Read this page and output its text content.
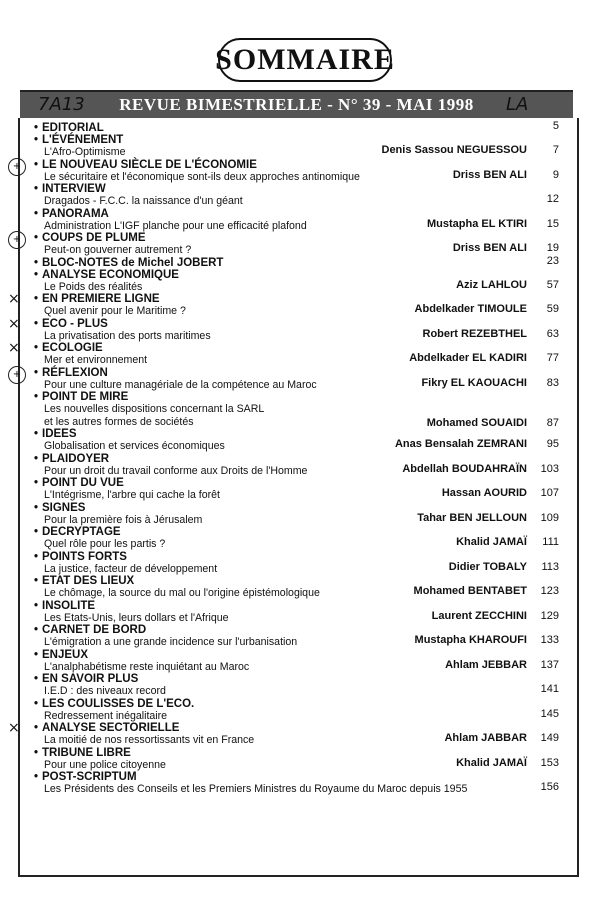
SOMMAIRE
REVUE BIMESTRIELLE - N° 39 - MAI 1998
7A13	LA
• EDITORIAL	5
• L'ÉVÉNEMENT
L'Afro-Optimisme	Denis Sassou NEGUESSOU 7
• LE NOUVEAU SIÈCLE DE L'ÉCONOMIE
+
Le sécuritaire et l'économique sont-ils deux approches antinomique	Driss BEN ALI 9
• INTERVIEW
Dragados - F.C.C. la naissance d'un géant	12
• PANORAMA
Administration L'IGF planche pour une efficacité plafond	Mustapha EL KTIRI 15
• COUPS DE PLUME
+
Peut-on gouverner autrement ?	Driss BEN ALI 19
• BLOC-NOTES de Michel JOBERT	23
• ANALYSE ECONOMIQUE
Le Poids des réalités	Aziz LAHLOU 57
• EN PREMIERE LIGNE
×
Quel avenir pour le Maritime ?	Abdelkader TIMOULE 59
• ECO - PLUS
×
La privatisation des ports maritimes	Robert REZEBTHEL 63
• ECOLOGIE
×
Mer et environnement	Abdelkader EL KADIRI 77
• RÉFLEXION
+
Pour une culture managériale de la compétence au Maroc	Fikry EL KAOUACHI 83
• POINT DE MIRE
Les nouvelles dispositions concernant la SARL
et les autres formes de sociétés	Mohamed SOUAIDI 87
• IDEES
Globalisation et services économiques	Anas Bensalah ZEMRANI 95
• PLAIDOYER
Pour un droit du travail conforme aux Droits de l'Homme	Abdellah BOUDAHRAÏN 103
• POINT DU VUE
L'Intégrisme, l'arbre qui cache la forêt	Hassan AOURID 107
• SIGNES
Pour la première fois à Jérusalem	Tahar BEN JELLOUN 109
• DECRYPTAGE
Quel rôle pour les partis ?	Khalid JAMAÏ 111
• POINTS FORTS
La justice, facteur de développement	Didier TOBALY 113
• ETAT DES LIEUX
Le chômage, la source du mal ou l'origine épistémologique	Mohamed BENTABET 123
• INSOLITE
Les Etats-Unis, leurs dollars et l'Afrique	Laurent ZECCHINI 129
• CARNET DE BORD
L'émigration a une grande incidence sur l'urbanisation	Mustapha KHAROUFI 133
• ENJEUX
L'analphabétisme reste inquiétant au Maroc	Ahlam JEBBAR 137
• EN SAVOIR PLUS
I.E.D : des niveaux record	141
• LES COULISSES DE L'ECO.
Redressement inégalitaire	145
• ANALYSE SECTORIELLE
×
La moitié de nos ressortissants vit en France	Ahlam JABBAR 149
• TRIBUNE LIBRE
Pour une police citoyenne	Khalid JAMAÏ 153
• POST-SCRIPTUM
Les Présidents des Conseils et les Premiers Ministres du Royaume du Maroc depuis 1955	156
